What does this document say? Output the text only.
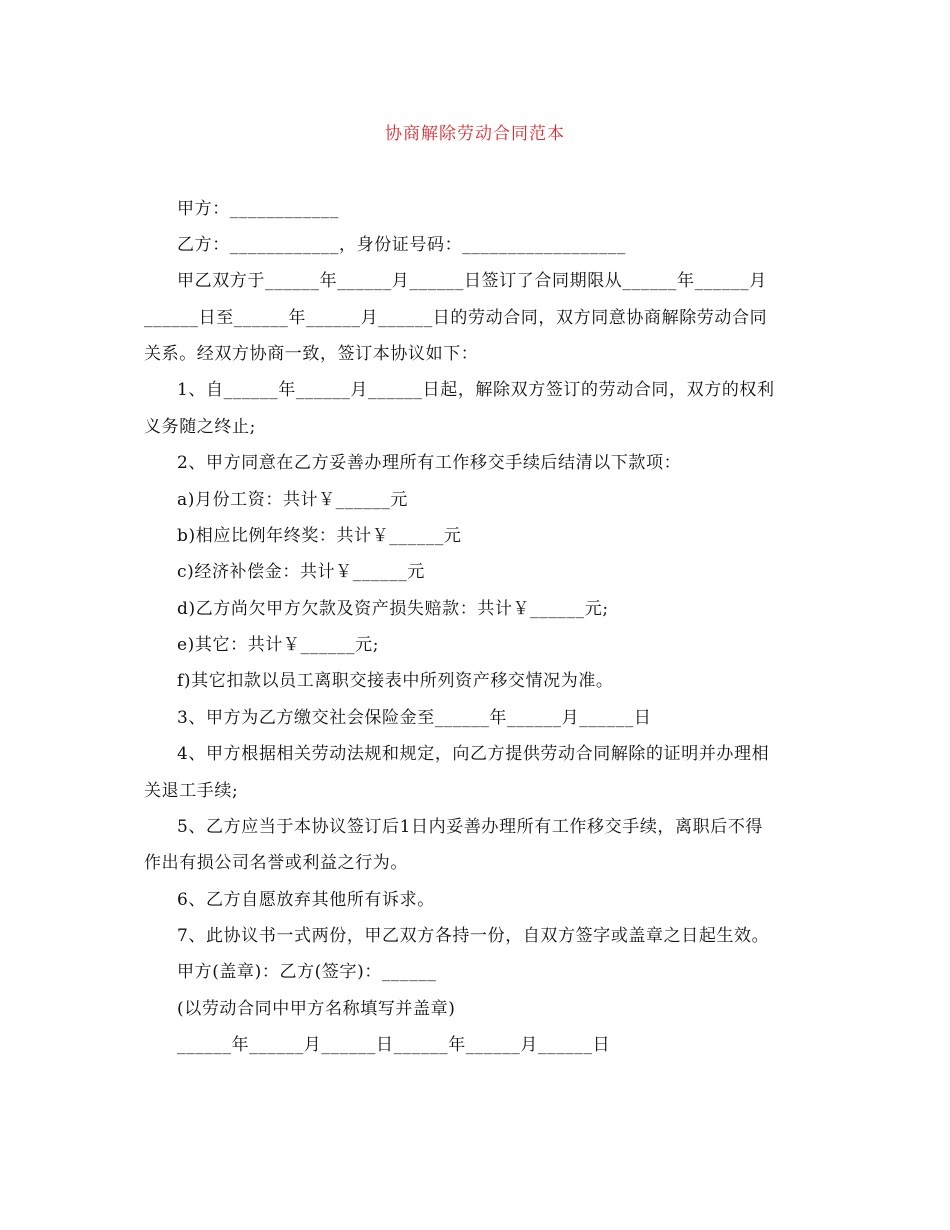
协商解除劳动合同范本
甲方：____________
乙方：____________，身份证号码：__________________
甲乙双方于______年______月______日签订了合同期限从______年______月
______日至______年______月______日的劳动合同，双方同意协商解除劳动合同
关系。经双方协商一致，签订本协议如下：
1、自______年______月______日起，解除双方签订的劳动合同，双方的权利
义务随之终止;
2、甲方同意在乙方妥善办理所有工作移交手续后结清以下款项：
a)月份工资：共计￥______元
b)相应比例年终奖：共计￥______元
c)经济补偿金：共计￥______元
d)乙方尚欠甲方欠款及资产损失赔款：共计￥______元;
e)其它：共计￥______元;
f)其它扣款以员工离职交接表中所列资产移交情况为准。
3、甲方为乙方缴交社会保险金至______年______月______日
4、甲方根据相关劳动法规和规定，向乙方提供劳动合同解除的证明并办理相
关退工手续;
5、乙方应当于本协议签订后1日内妥善办理所有工作移交手续，离职后不得
作出有损公司名誉或利益之行为。
6、乙方自愿放弃其他所有诉求。
7、此协议书一式两份，甲乙双方各持一份，自双方签字或盖章之日起生效。
甲方(盖章)：乙方(签字)：______
(以劳动合同中甲方名称填写并盖章)
______年______月______日______年______月______日
